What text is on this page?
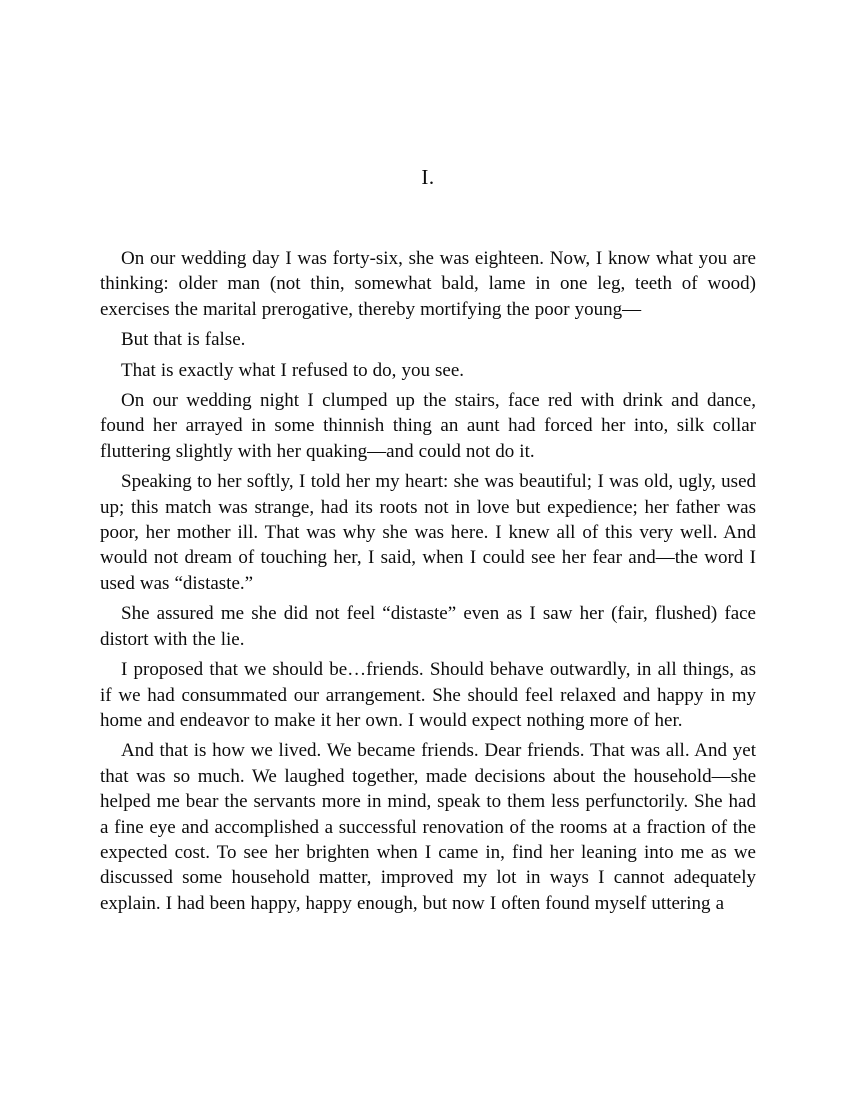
I.

On our wedding day I was forty-six, she was eighteen. Now, I know what you are thinking: older man (not thin, somewhat bald, lame in one leg, teeth of wood) exercises the marital prerogative, thereby mortifying the poor young—

But that is false.

That is exactly what I refused to do, you see.

On our wedding night I clumped up the stairs, face red with drink and dance, found her arrayed in some thinnish thing an aunt had forced her into, silk collar fluttering slightly with her quaking—and could not do it.

Speaking to her softly, I told her my heart: she was beautiful; I was old, ugly, used up; this match was strange, had its roots not in love but expedience; her father was poor, her mother ill. That was why she was here. I knew all of this very well. And would not dream of touching her, I said, when I could see her fear and—the word I used was “distaste.”

She assured me she did not feel “distaste” even as I saw her (fair, flushed) face distort with the lie.

I proposed that we should be…friends. Should behave outwardly, in all things, as if we had consummated our arrangement. She should feel relaxed and happy in my home and endeavor to make it her own. I would expect nothing more of her.

And that is how we lived. We became friends. Dear friends. That was all. And yet that was so much. We laughed together, made decisions about the household—she helped me bear the servants more in mind, speak to them less perfunctorily. She had a fine eye and accomplished a successful renovation of the rooms at a fraction of the expected cost. To see her brighten when I came in, find her leaning into me as we discussed some household matter, improved my lot in ways I cannot adequately explain. I had been happy, happy enough, but now I often found myself uttering a
